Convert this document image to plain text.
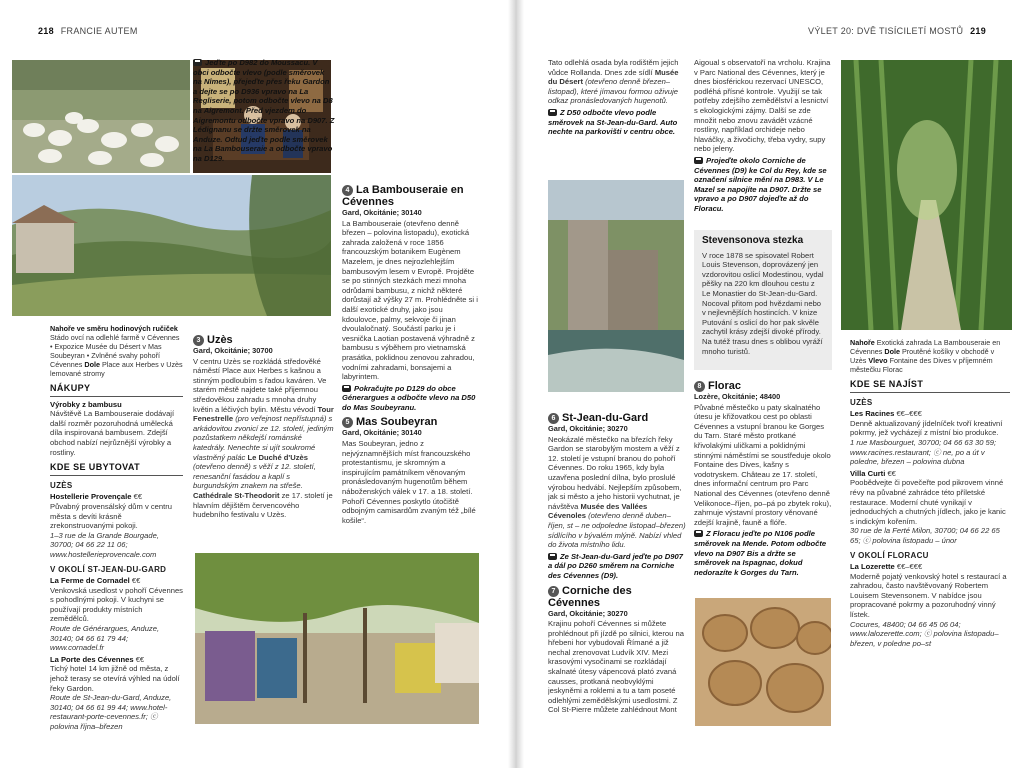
218 FRANCIE AUTEM	VÝLET 20: DVĚ TISÍCILETÍ MOSTŮ 219
Nahoře ve směru hodinových ručiček
Stádo ovcí na odlehlé farmě v Cévennes • Expozice Musée du Désert v Mas Soubeyran • Zvlněné svahy pohoří Cévennes Dole Place aux Herbes v Uzès lemované stromy
NÁKUPY

Výrobky z bambusu
Návštěvě La Bambouseraie dodávají další rozměr pozoruhodná umělecká díla inspirovaná bambusem. Zdejší obchod nabízí nejrůznější výrobky a rostliny.

KDE SE UBYTOVAT
UZÈS

Hostellerie Provençale €€
Půvabný provensálský dům v centru města s devíti krásně zrekonstruovanými pokoji.
1–3 rue de la Grande Bourgade, 30700; 04 66 22 11 06; www.hostellerieprovencale.com

V OKOLÍ ST-JEAN-DU-GARD

La Ferme de Cornadel €€
Venkovská usedlost v pohoří Cévennes s pohodlnými pokoji. V kuchyni se používají produkty místních zemědělců.
Route de Générargues, Anduze, 30140; 04 66 61 79 44; www.cornadel.fr

La Porte des Cévennes €€
Tichý hotel 14 km jižně od města, z jehož terasy se otevírá výhled na údolí řeky Gardon.
Route de St-Jean-du-Gard, Anduze, 30140; 04 66 61 99 44; www.hotel-restaurant-porte-cevennes.fr; ⓒ polovina října–březen

Jeďte po D982 do Moussacu. V obci odbočte vlevo (podle směrovek na Nîmes), přejeďte přes řeku Gardon a dejte se po D936 vpravo na La Regliserie, potom odbočte vlevo na D8 na Aigremont. Před vjezdem do Aigremontu odbočte vpravo na D907. Z Lédignanu se držte směrovek na Anduze. Odtud jeďte podle směrovek na La Bambouseraie a odbočte vpravo na D129.

3 Uzès
Gard, Okcitánie; 30700

V centru Uzès se rozkládá středověké náměstí Place aux Herbes s kašnou a stinným podloubím s řadou kaváren. Ve starém městě najdete také přijemnou středověkou zahradu s mnoha druhy květin a léčivých bylin. Městu vévodí Tour Fenestrelle (pro veřejnost nepřístupná) s arkádovitou zvonicí ze 12. století, jediným pozůstatkem někdejší románské katedrály. Nenechte si ujít soukromé vlastněný palác Le Duché d'Uzès (otevřeno denně) s věží z 12. století, renesanční fasádou a kaplí s burgundským znakem na střeše. Cathédrale St-Theodorit ze 17. století je hlavním dějištěm červencového hudebního festivalu v Uzès.

4 La Bambouseraie en Cévennes
Gard, Okcitánie; 30140

La Bambouseraie (otevřeno denně březen – polovina listopadu), exotická zahrada založená v roce 1856 francouzským botanikem Eugènem Mazelem, je dnes nejrozlehlejším bambusovým lesem v Evropě. Projděte se po stinných stezkách mezi mnoha odrůdami bambusu, z nichž některé dorůstají až výšky 27 m. Prohlédněte si i další exotické druhy, jako jsou kdoulovce, palmy, sekvoje či jinan dvoulaločnatý. Součástí parku je i vesnička Laotian postavená výhradně z bambusu s výběhem pro vietnamská prasátka, poklidnou zenovou zahradou, vodními zahradami, bonsajemi a labyrintem.

Pokračujte po D129 do obce Génerargues a odbočte vlevo na D50 do Mas Soubeyranu.

5 Mas Soubeyran
Gard, Okcitánie; 30140

Mas Soubeyran, jedno z nejvýznamnějších míst francouzského protestantismu, je skromným a inspirujícím památníkem věnovaným pronásledovaným hugenotům během náboženských válek v 17. a 18. století. Pohoří Cévennes poskytlo útočiště odbojným camisardům zvaným též „bílé košile“.

Tato odlehlá osada byla rodištěm jejich vůdce Rollanda. Dnes zde sídlí Musée du Désert (otevřeno denně březen–listopad), které jímavou formou oživuje odkaz pronásledovaných hugenotů.

Z D50 odbočte vlevo podle směrovek na St-Jean-du-Gard. Auto nechte na parkovišti v centru obce.

6 St-Jean-du-Gard
Gard, Okcitánie; 30270

Neokázalé městečko na březích řeky Gardon se starobylým mostem a věží z 12. století je vstupní branou do pohoří Cévennes. Do roku 1965, kdy byla uzavřena poslední dílna, bylo proslulé výrobou hedvábí. Nejlepším způsobem, jak si město a jeho historii vychutnat, je návštěva Musée des Vallées Cévenoles (otevřeno denně duben–říjen, st – ne odpoledne listopad–březen) sídlícího v bývalém mlýně. Nabízí vhled do života místního lidu.

Ze St-Jean-du-Gard jeďte po D907 a dál po D260 směrem na Corniche des Cévennes (D9).

7 Corniche des Cévennes
Gard, Okcitánie; 30270

Krajinu pohoří Cévennes si můžete prohlédnout při jízdě po silnici, kterou na hřebeni hor vybudovali Římané a již nechal zrenovovat Ludvík XIV. Mezi krasovými vysočinami se rozkládají skalnaté útesy vápencová plató zvaná causses, protkaná neobvyklými jeskyněmi a roklemi a tu a tam poseté odlehlými zemědělskými usedlostmi. Z Col St-Pierre můžete zahlédnout Mont

Aigoual s observatoří na vrcholu. Krajina v Parc National des Cévennes, který je dnes biosférickou rezervací UNESCO, podléhá přísné kontrole. Využijí se tak potřeby zdejšího zemědělství a lesnictví s ekologickými zájmy. Další se zde množit nebo znovu zavádět vzácné rostliny, například orchideje nebo hlaváčky, a živočichy, třeba vydry, supy nebo jeleny.

Projeďte okolo Corniche de Cévennes (D9) ke Col du Rey, kde se označení silnice mění na D983. V Le Mazel se napojíte na D907. Držte se vpravo a po D907 dojeďte až do Floracu.

Stevensonova stezka

V roce 1878 se spisovatel Robert Louis Stevenson, doprovázený jen vzdorovitou oslicí Modestinou, vydal pěšky na 220 km dlouhou cestu z Le Monastier do St-Jean-du-Gard. Nocoval přitom pod hvězdami nebo v nejlevnějších hostincích. V knize Putování s oslicí do hor pak skvěle zachytil krásy zdejší divoké přírody. Na tutéž trasu dnes s oblibou vyráží mnoho turistů.

8 Florac
Lozère, Okcitánie; 48400

Půvabné městečko u paty skalnatého útesu je křižovatkou cest po oblasti Cévennes a vstupní branou ke Gorges du Tarn. Staré město protkané křivolakými uličkami a poklidnými stinnými náměstími se soustředuje okolo Fontaine des Dives, kašny s vodotryskem. Château ze 17. století, dnes informační centrum pro Parc National des Cévennes (otevřeno denně Velikonoce–říjen, po–pá po zbytek roku), zahrnuje výstavní prostory věnované zdejší krajině, fauně a flóře.

Z Floracu jeďte po N106 podle směrovek na Mende. Potom odbočte vlevo na D907 Bis a držte se směrovek na Ispagnac, dokud nedorazíte k Gorges du Tarn.

Nahoře Exotická zahrada La Bambouseraie en Cévennes Dole Proutěné košíky v obchodě v Uzès Vlevo Fontaine des Dives v příjemném městečku Florac
KDE SE NAJÍST
UZÈS

Les Racines €€–€€€
Denně aktualizovaný jídelníček tvoří kreativní pokrmy, jež vycházejí z místní bio produkce.
1 rue Masbourguet, 30700; 04 66 63 30 59; www.racines.restaurant; ⓒ ne, po a út v poledne, březen – polovina dubna

Villa Curti €€
Poobědvejte či povečeřte pod pikrovem vinné révy na půvabné zahrádce této příletské restaurace. Moderní chuté vynikají v jednoduchých a chutných jídlech, jako je kanic s indickým kořením.
30 rue de la Ferté Milon, 30700; 04 66 22 65 65; ⓒ polovina listopadu – únor

V OKOLÍ FLORACU

La Lozerette €€–€€€
Moderně pojatý venkovský hotel s restaurací a zahradou, často navštěvovaný Robertem Louisem Stevensonem. V nabídce jsou propracované pokrmy a pozoruhodný vinný lístek.
Cocures, 48400; 04 66 45 06 04; www.lalozerette.com; ⓒ polovina listopadu–březen, v poledne po–st
